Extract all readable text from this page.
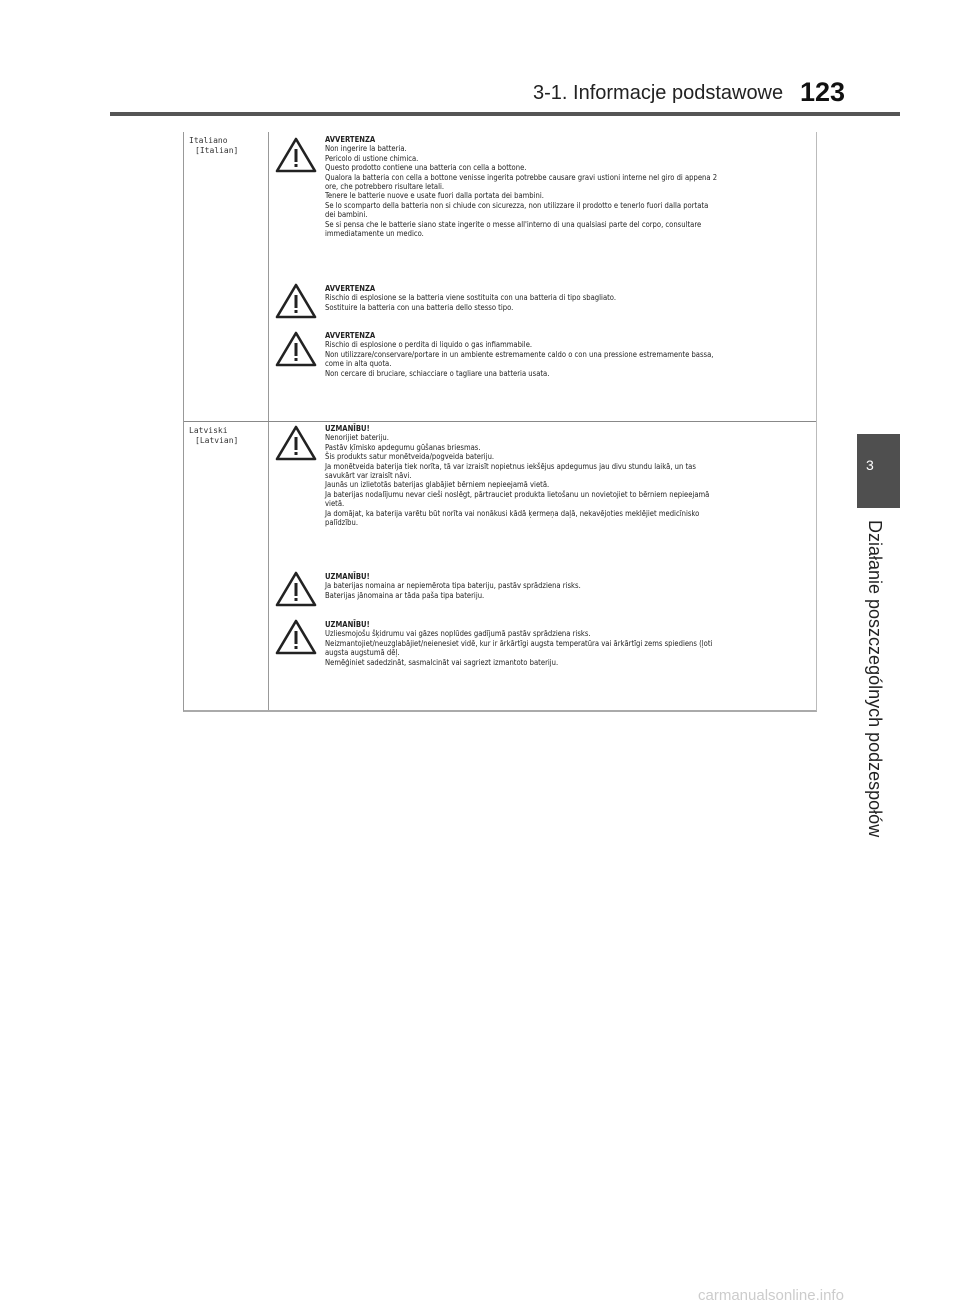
3-1. Informacje podstawowe 123
3
Działanie poszczególnych podzespołów
Italiano
[Italian]
AVVERTENZA
Non ingerire la batteria.
Pericolo di ustione chimica.
Questo prodotto contiene una batteria con cella a bottone.
Qualora la batteria con cella a bottone venisse ingerita potrebbe causare gravi ustioni interne nel giro di appena 2
ore, che potrebbero risultare letali.
Tenere le batterie nuove e usate fuori dalla portata dei bambini.
Se lo scomparto della batteria non si chiude con sicurezza, non utilizzare il prodotto e tenerlo fuori dalla portata
dei bambini.
Se si pensa che le batterie siano state ingerite o messe all'interno di una qualsiasi parte del corpo, consultare
immediatamente un medico.
AVVERTENZA
Rischio di esplosione se la batteria viene sostituita con una batteria di tipo sbagliato.
Sostituire la batteria con una batteria dello stesso tipo.
AVVERTENZA
Rischio di esplosione o perdita di liquido o gas infiammabile.
Non utilizzare/conservare/portare in un ambiente estremamente caldo o con una pressione estremamente bassa,
come in alta quota.
Non cercare di bruciare, schiacciare o tagliare una batteria usata.
Latviski
[Latvian]
UZMANĪBU!
Nenorijiet bateriju.
Pastāv ķīmisko apdegumu gūšanas briesmas.
Šis produkts satur monētveida/pogveida bateriju.
Ja monētveida baterija tiek norīta, tā var izraisīt nopietnus iekšējus apdegumus jau divu stundu laikā, un tas
savukārt var izraisīt nāvi.
Jaunās un izlietotās baterijas glabājiet bērniem nepieejamā vietā.
Ja baterijas nodalījumu nevar cieši noslēgt, pārtrauciet produkta lietošanu un novietojiet to bērniem nepieejamā
vietā.
Ja domājat, ka baterija varētu būt norīta vai nonākusi kādā ķermeņa daļā, nekavējoties meklējiet medicīnisko
palīdzību.
UZMANĪBU!
Ja baterijas nomaina ar nepiemērota tipa bateriju, pastāv sprādziena risks.
Baterijas jānomaina ar tāda paša tipa bateriju.
UZMANĪBU!
Uzliesmojošu šķidrumu vai gāzes noplūdes gadījumā pastāv sprādziena risks.
Neizmantojiet/neuzglabājiet/neienesiet vidē, kur ir ārkārtīgi augsta temperatūra vai ārkārtīgi zems spiediens (ļoti
augsta augstumā dēļ.
Nemēģiniet sadedzināt, sasmalcināt vai sagriezt izmantoto bateriju.
carmanualsonline.info
